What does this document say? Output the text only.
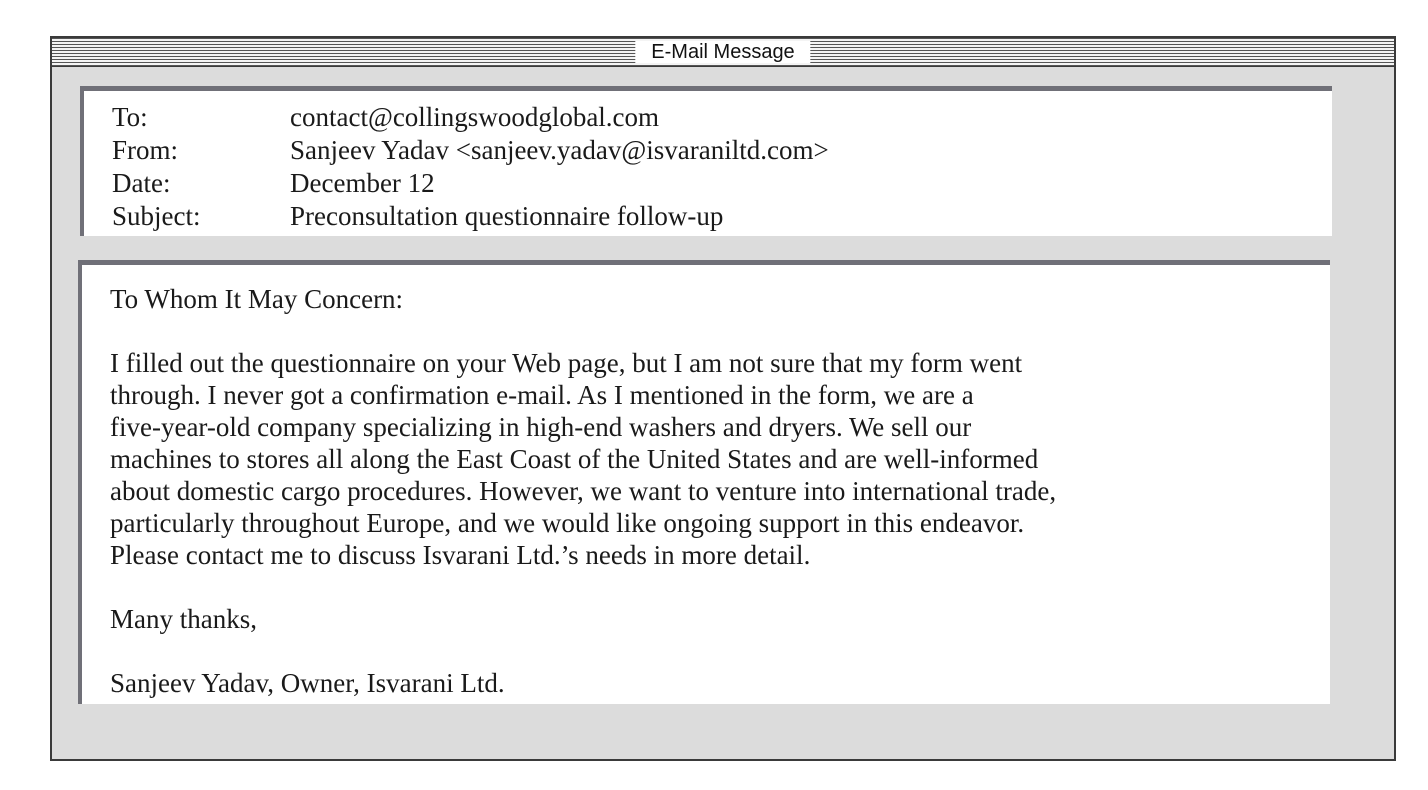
E-Mail Message
To:	contact@collingswoodglobal.com
From:	Sanjeev Yadav <sanjeev.yadav@isvaraniltd.com>
Date:	December 12
Subject:	Preconsultation questionnaire follow-up

To Whom It May Concern:

I filled out the questionnaire on your Web page, but I am not sure that my form went
through. I never got a confirmation e-mail. As I mentioned in the form, we are a
five-year-old company specializing in high-end washers and dryers. We sell our
machines to stores all along the East Coast of the United States and are well-informed
about domestic cargo procedures. However, we want to venture into international trade,
particularly throughout Europe, and we would like ongoing support in this endeavor.
Please contact me to discuss Isvarani Ltd.’s needs in more detail.

Many thanks,

Sanjeev Yadav, Owner, Isvarani Ltd.
